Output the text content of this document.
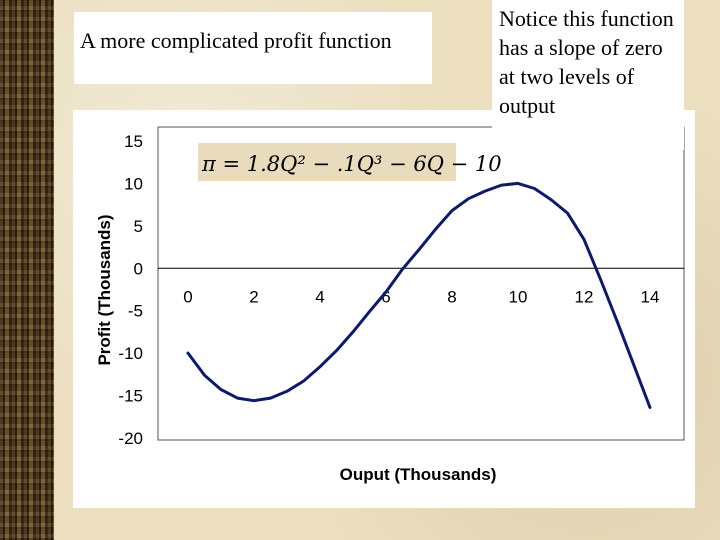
A more complicated profit function
π = 1.8Q² − .1Q³ − 6Q − 10
0	2	4	6	8	10	12	14
15
10
5
0
-5
-10
-15
-20
Ouput (Thousands)
Profit (Thousands)
Notice this function has a slope of zero at two levels of output
